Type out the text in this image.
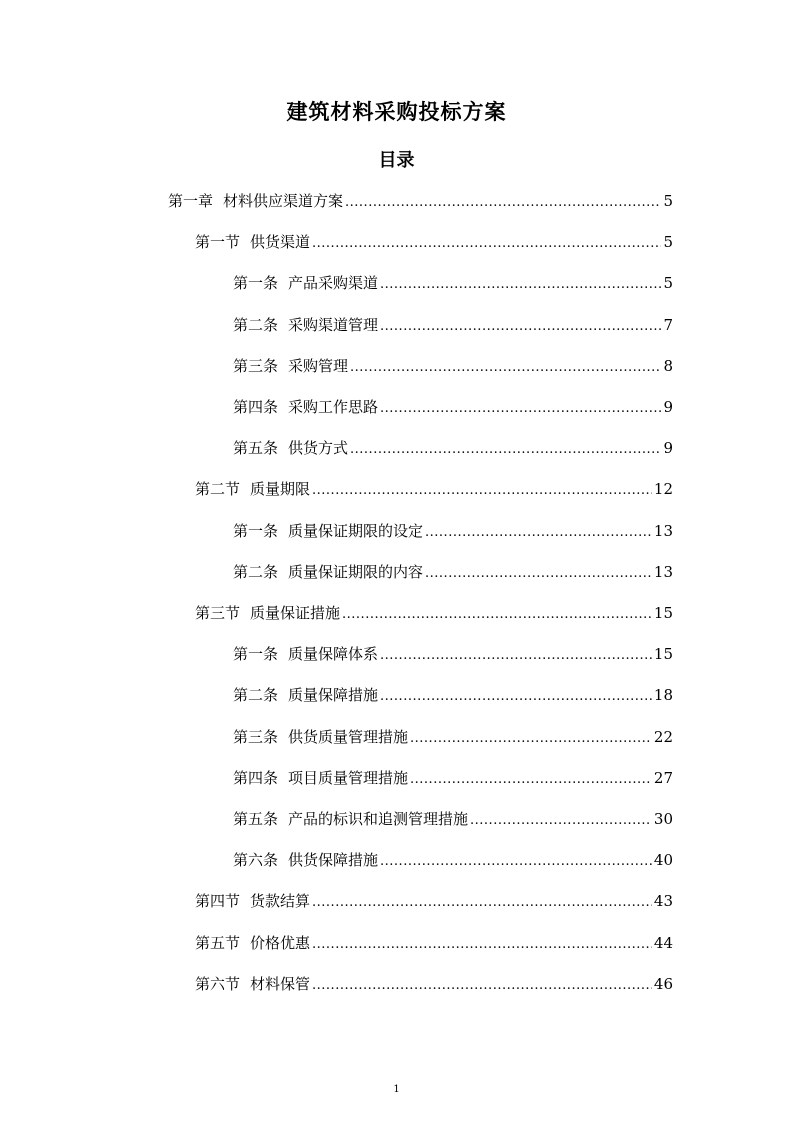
建筑材料采购投标方案
目录
第一章 材料供应渠道方案 .....	5
第一节 供货渠道 .....	5
第一条 产品采购渠道 .....	5
第二条 采购渠道管理 .....	7
第三条 采购管理 .....	8
第四条 采购工作思路 .....	9
第五条 供货方式 .....	9
第二节 质量期限 .....	12
第一条 质量保证期限的设定 .....	13
第二条 质量保证期限的内容 .....	13
第三节 质量保证措施 .....	15
第一条 质量保障体系 .....	15
第二条 质量保障措施 .....	18
第三条 供货质量管理措施 .....	22
第四条 项目质量管理措施 .....	27
第五条 产品的标识和追测管理措施 .....	30
第六条 供货保障措施 .....	40
第四节 货款结算 .....	43
第五节 价格优惠 .....	44
第六节 材料保管 .....	46
1
